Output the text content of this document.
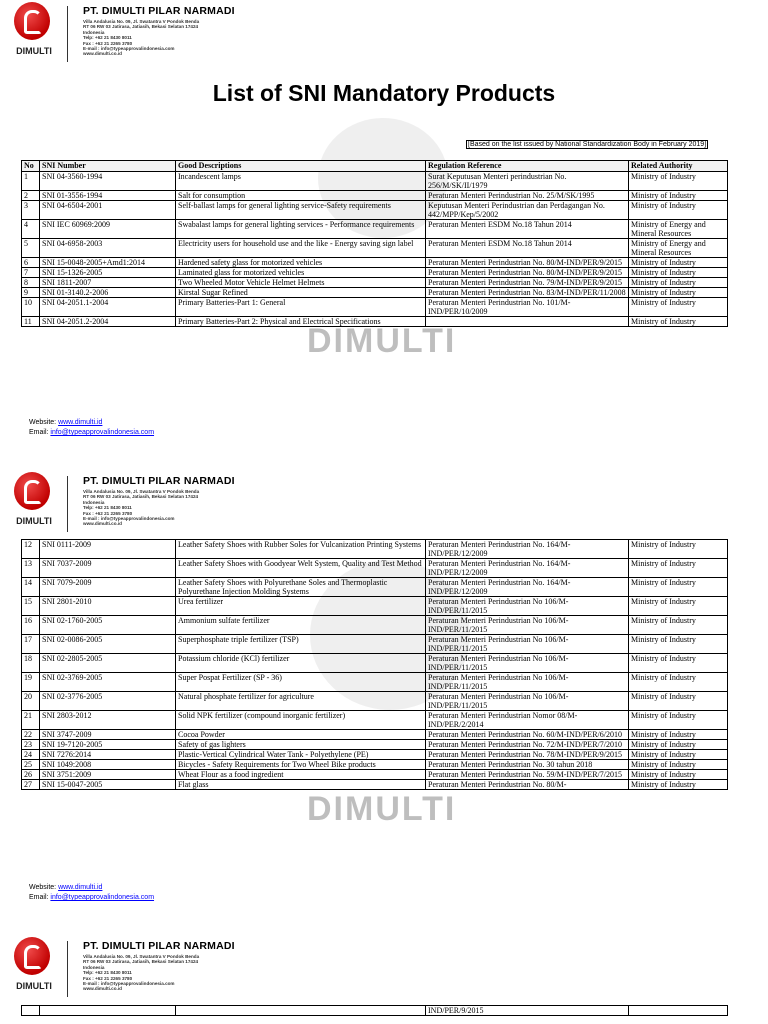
DIMULTI
PT. DIMULTI PILAR NARMADI
Villa Andalusia No. 09, Jl. Swatantra V Pondok Benda
RT 06 RW 03 Jatirasa, Jatiasih, Bekasi Selatan 17424
Indonesia
Telp: +62 21 8430 8011
Fax : +62 21 2265 3780
E-mail : info@typeapprovalindonesia.com
www.dimulti.co.id
DIMULTI
List of SNI Mandatory Products
[Based on the list issued by National Standardization Body in February 2019]
No	SNI Number	Good Descriptions	Regulation Reference	Related Authority
1	SNI 04-3560-1994	Incandescent lamps	Surat Keputusan Menteri perindustrian No. 256/M/SK/II/1979	Ministry of Industry
2	SNI 01-3556-1994	Salt for consumption	Peraturan Menteri Perindustrian No. 25/M/SK/1995	Ministry of Industry
3	SNI 04-6504-2001	Self-ballast lamps for general lighting service-Safety requirements	Keputusan Menteri Perindustrian dan Perdagangan No. 442/MPP/Kep/5/2002	Ministry of Industry
4	SNI IEC 60969:2009	Swabalast lamps for general lighting services - Performance requirements	Peraturan Menteri ESDM No.18 Tahun 2014	Ministry of Energy and Mineral Resources
5	SNI 04-6958-2003	Electricity users for household use and the like - Energy saving sign label	Peraturan Menteri ESDM No.18 Tahun 2014	Ministry of Energy and Mineral Resources
6	SNI 15-0048-2005+Amd1:2014	Hardened safety glass for motorized vehicles	Peraturan Menteri Perindustrian No. 80/M-IND/PER/9/2015	Ministry of Industry
7	SNI 15-1326-2005	Laminated glass for motorized vehicles	Peraturan Menteri Perindustrian No. 80/M-IND/PER/9/2015	Ministry of Industry
8	SNI 1811-2007	Two Wheeled Motor Vehicle Helmet Helmets	Peraturan Menteri Perindustrian No. 79/M-IND/PER/9/2015	Ministry of Industry
9	SNI 01-3140.2-2006	Kirstal Sugar Refined	Peraturan Menteri Perindustrian No. 83/M-IND/PER/11/2008	Ministry of Industry
10	SNI 04-2051.1-2004	Primary Batteries-Part 1: General	Peraturan Menteri Perindustrian No. 101/M-IND/PER/10/2009	Ministry of Industry
11	SNI 04-2051.2-2004	Primary Batteries-Part 2: Physical and Electrical Specifications		Ministry of Industry
Website: www.dimulti.id
Email: info@typeapprovalindonesia.com
DIMULTI
PT. DIMULTI PILAR NARMADI
Villa Andalusia No. 09, Jl. Swatantra V Pondok Benda
RT 06 RW 03 Jatirasa, Jatiasih, Bekasi Selatan 17424
Indonesia
Telp: +62 21 8430 8011
Fax : +62 21 2265 3780
E-mail : info@typeapprovalindonesia.com
www.dimulti.co.id
DIMULTI
12	SNI 0111-2009	Leather Safety Shoes with Rubber Soles for Vulcanization Printing Systems	Peraturan Menteri Perindustrian No. 164/M-IND/PER/12/2009	Ministry of Industry
13	SNI 7037-2009	Leather Safety Shoes with Goodyear Welt System, Quality and Test Method	Peraturan Menteri Perindustrian No. 164/M-IND/PER/12/2009	Ministry of Industry
14	SNI 7079-2009	Leather Safety Shoes with Polyurethane Soles and Thermoplastic Polyurethane Injection Molding Systems	Peraturan Menteri Perindustrian No. 164/M-IND/PER/12/2009	Ministry of Industry
15	SNI 2801-2010	Urea fertilizer	Peraturan Menteri Perindustrian No 106/M-IND/PER/11/2015	Ministry of Industry
16	SNI 02-1760-2005	Ammonium sulfate fertilizer	Peraturan Menteri Perindustrian No 106/M-IND/PER/11/2015	Ministry of Industry
17	SNI 02-0086-2005	Superphosphate triple fertilizer (TSP)	Peraturan Menteri Perindustrian No 106/M-IND/PER/11/2015	Ministry of Industry
18	SNI 02-2805-2005	Potassium chloride (KCl) fertilizer	Peraturan Menteri Perindustrian No 106/M-IND/PER/11/2015	Ministry of Industry
19	SNI 02-3769-2005	Super Pospat Fertilizer (SP - 36)	Peraturan Menteri Perindustrian No 106/M-IND/PER/11/2015	Ministry of Industry
20	SNI 02-3776-2005	Natural phosphate fertilizer for agriculture	Peraturan Menteri Perindustrian No 106/M-IND/PER/11/2015	Ministry of Industry
21	SNI 2803-2012	Solid NPK fertilizer (compound inorganic fertilizer)	Peraturan Menteri Perindustrian Nomor 08/M-IND/PER/2/2014	Ministry of Industry
22	SNI 3747-2009	Cocoa Powder	Peraturan Menteri Perindustrian No. 60/M-IND/PER/6/2010	Ministry of Industry
23	SNI 19-7120-2005	Safety of gas lighters	Peraturan Menteri Perindustrian No. 72/M-IND/PER/7/2010	Ministry of Industry
24	SNI 7276:2014	Plastic-Vertical Cylindrical Water Tank - Polyethylene (PE)	Peraturan Menteri Perindustrian No. 78/M-IND/PER/9/2015	Ministry of Industry
25	SNI 1049:2008	Bicycles - Safety Requirements for Two Wheel Bike products	Peraturan Menteri Perindustrian No. 30 tahun 2018	Ministry of Industry
26	SNI 3751:2009	Wheat Flour as a food ingredient	Peraturan Menteri Perindustrian No. 59/M-IND/PER/7/2015	Ministry of Industry
27	SNI 15-0047-2005	Flat glass	Peraturan Menteri Perindustrian No. 80/M-	Ministry of Industry
Website: www.dimulti.id
Email: info@typeapprovalindonesia.com
DIMULTI
PT. DIMULTI PILAR NARMADI
Villa Andalusia No. 09, Jl. Swatantra V Pondok Benda
RT 06 RW 03 Jatirasa, Jatiasih, Bekasi Selatan 17424
Indonesia
Telp: +62 21 8430 8011
Fax : +62 21 2265 3780
E-mail : info@typeapprovalindonesia.com
www.dimulti.co.id
			IND/PER/9/2015	
